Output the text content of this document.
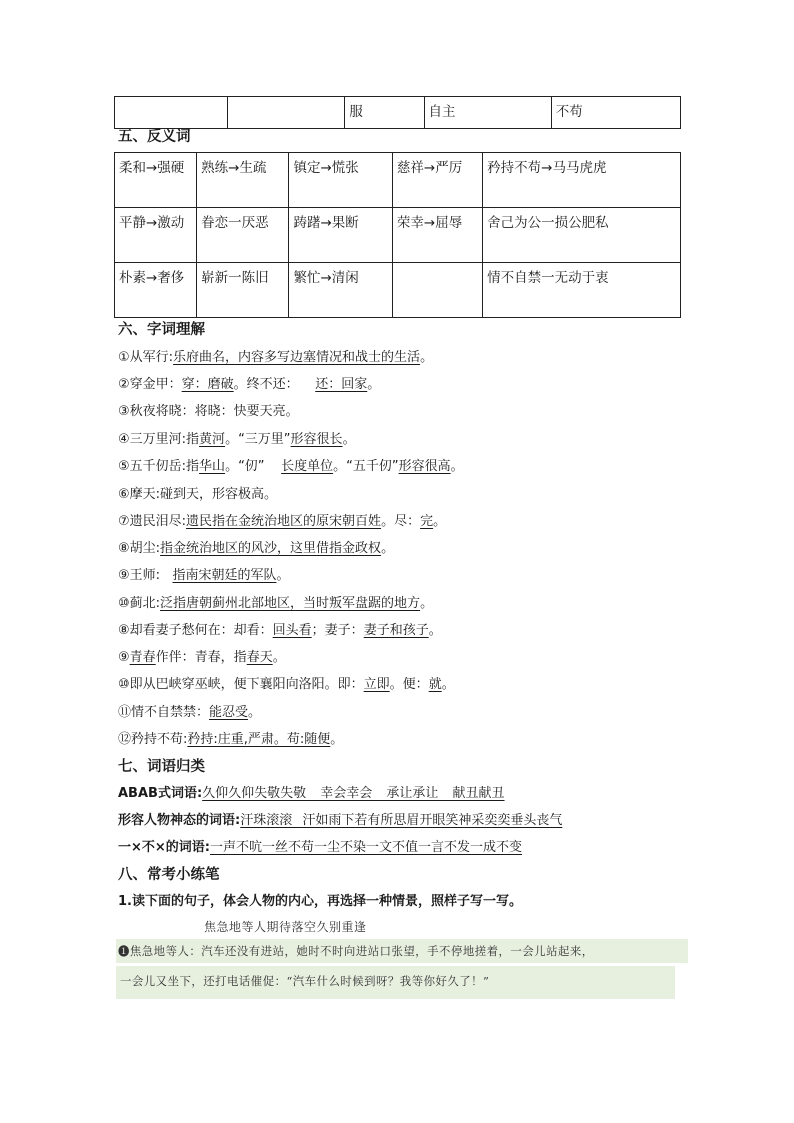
		服	自主	不苟
五、反义词
柔和→强硬	熟练→生疏	镇定→慌张	慈祥→严厉	矜持不苟→马马虎虎
平静→激动	眷恋一厌恶	踌躇→果断	荣幸→屈辱	舍己为公一损公肥私
朴素→奢侈	崭新一陈旧	繁忙→清闲		情不自禁一无动于衷
六、字词理解
①从军行:乐府曲名，内容多写边塞情况和战士的生活。
②穿金甲：穿：磨破。终不还： 还：回家。
③秋夜将晓：将晓：快要天亮。
④三万里河:指黄河。“三万里”形容很长。
⑤五千仞岳:指华山。“仞” 长度单位。“五千仞”形容很高。
⑥摩天:碰到天，形容极高。
⑦遗民泪尽:遗民指在金统治地区的原宋朝百姓。尽：完。
⑧胡尘:指金统治地区的风沙，这里借指金政权。
⑨王师: 指南宋朝廷的军队。
⑩蓟北:泛指唐朝蓟州北部地区，当时叛军盘踞的地方。
⑧却看妻子愁何在：却看：回头看；妻子：妻子和孩子。
⑨青春作伴：青春，指春天。
⑩即从巴峡穿巫峡，便下襄阳向洛阳。即：立即。便：就。
⑪情不自禁禁：能忍受。
⑫矜持不苟:矜持:庄重,严肃。苟:随便。
七、词语归类
ABAB式词语:久仰久仰失敬失敬 幸会幸会 承让承让 献丑献丑
形容人物神态的词语:汗珠滚滚 汗如雨下若有所思眉开眼笑神采奕奕垂头丧气
一×不×的词语:一声不吭一丝不苟一尘不染一文不值一言不发一成不变
八、常考小练笔
1.读下面的句子，体会人物的内心，再选择一种情景，照样子写一写。
焦急地等人期待落空久别重逢
❶焦急地等人：汽车还没有进站，她时不时向进站口张望，手不停地搓着，一会儿站起来，
一会儿又坐下，还打电话催促：“汽车什么时候到呀？我等你好久了！”
